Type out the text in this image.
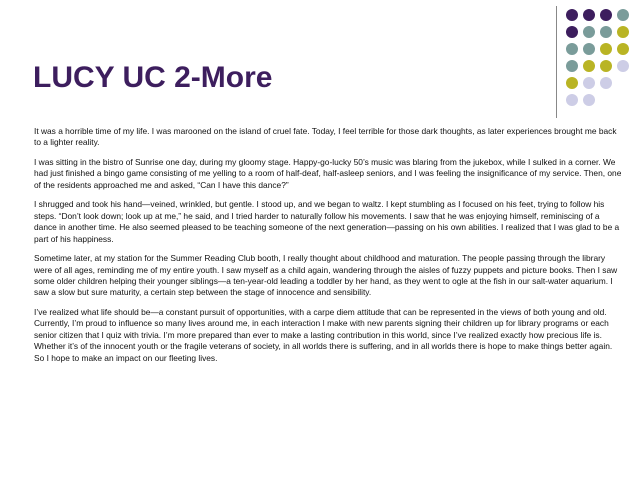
LUCY UC 2-More

It was a horrible time of my life. I was marooned on the island of cruel fate. Today, I feel terrible for those dark thoughts, as later experiences brought me back to a lighter reality.

I was sitting in the bistro of Sunrise one day, during my gloomy stage. Happy-go-lucky 50’s music was blaring from the jukebox, while I sulked in a corner. We had just finished a bingo game consisting of me yelling to a room of half-deaf, half-asleep seniors, and I was feeling the insignificance of my service. Then, one of the residents approached me and asked, “Can I have this dance?”

I shrugged and took his hand—veined, wrinkled, but gentle. I stood up, and we began to waltz. I kept stumbling as I focused on his feet, trying to follow his steps. “Don’t look down; look up at me,” he said, and I tried harder to naturally follow his movements. I saw that he was enjoying himself, reminiscing of a dance in another time. He also seemed pleased to be teaching someone of the next generation—passing on his own abilities. I realized that I was glad to be a part of his happiness.

Sometime later, at my station for the Summer Reading Club booth, I really thought about childhood and maturation. The people passing through the library were of all ages, reminding me of my entire youth. I saw myself as a child again, wandering through the aisles of fuzzy puppets and picture books. Then I saw some older children helping their younger siblings—a ten-year-old leading a toddler by her hand, as they went to ogle at the fish in our salt-water aquarium. I saw a slow but sure maturity, a certain step between the stage of innocence and sensibility.

I’ve realized what life should be—a constant pursuit of opportunities, with a carpe diem attitude that can be represented in the views of both young and old. Currently, I’m proud to influence so many lives around me, in each interaction I make with new parents signing their children up for library programs or each senior citizen that I quiz with trivia. I’m more prepared than ever to make a lasting contribution in this world, since I’ve realized exactly how precious life is. Whether it’s of the innocent youth or the fragile veterans of society, in all worlds there is suffering, and in all worlds there is hope to make things better again. So I hope to make an impact on our fleeting lives.
